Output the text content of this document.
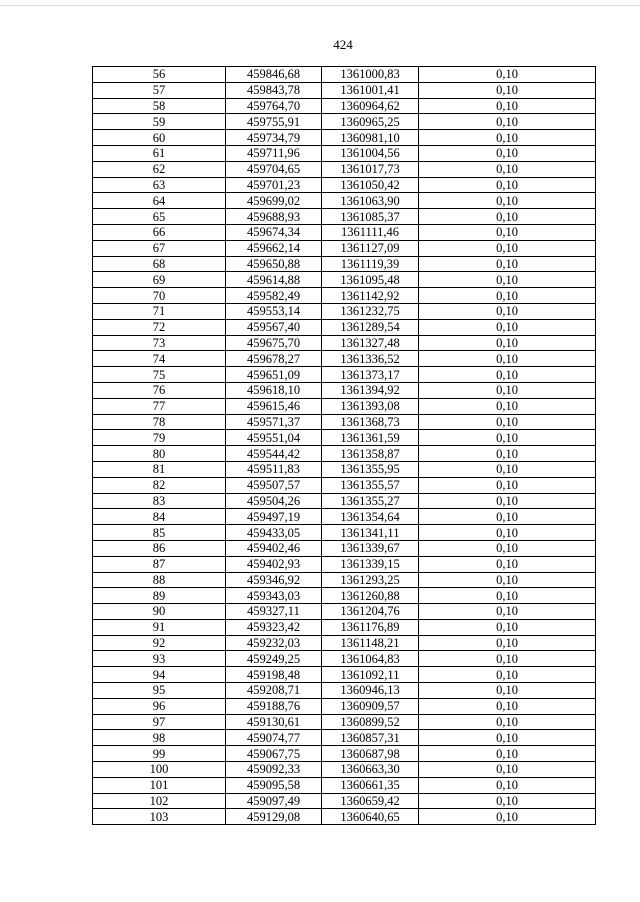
424
56	459846,68	1361000,83	0,10
57	459843,78	1361001,41	0,10
58	459764,70	1360964,62	0,10
59	459755,91	1360965,25	0,10
60	459734,79	1360981,10	0,10
61	459711,96	1361004,56	0,10
62	459704,65	1361017,73	0,10
63	459701,23	1361050,42	0,10
64	459699,02	1361063,90	0,10
65	459688,93	1361085,37	0,10
66	459674,34	1361111,46	0,10
67	459662,14	1361127,09	0,10
68	459650,88	1361119,39	0,10
69	459614,88	1361095,48	0,10
70	459582,49	1361142,92	0,10
71	459553,14	1361232,75	0,10
72	459567,40	1361289,54	0,10
73	459675,70	1361327,48	0,10
74	459678,27	1361336,52	0,10
75	459651,09	1361373,17	0,10
76	459618,10	1361394,92	0,10
77	459615,46	1361393,08	0,10
78	459571,37	1361368,73	0,10
79	459551,04	1361361,59	0,10
80	459544,42	1361358,87	0,10
81	459511,83	1361355,95	0,10
82	459507,57	1361355,57	0,10
83	459504,26	1361355,27	0,10
84	459497,19	1361354,64	0,10
85	459433,05	1361341,11	0,10
86	459402,46	1361339,67	0,10
87	459402,93	1361339,15	0,10
88	459346,92	1361293,25	0,10
89	459343,03	1361260,88	0,10
90	459327,11	1361204,76	0,10
91	459323,42	1361176,89	0,10
92	459232,03	1361148,21	0,10
93	459249,25	1361064,83	0,10
94	459198,48	1361092,11	0,10
95	459208,71	1360946,13	0,10
96	459188,76	1360909,57	0,10
97	459130,61	1360899,52	0,10
98	459074,77	1360857,31	0,10
99	459067,75	1360687,98	0,10
100	459092,33	1360663,30	0,10
101	459095,58	1360661,35	0,10
102	459097,49	1360659,42	0,10
103	459129,08	1360640,65	0,10
